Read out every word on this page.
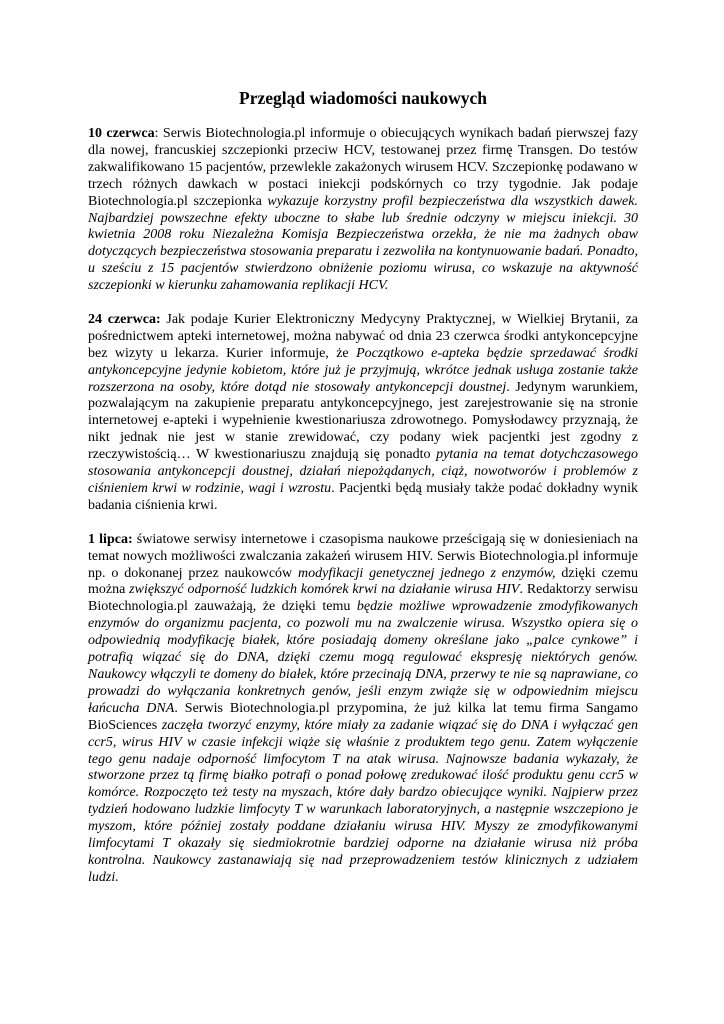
Przegląd wiadomości naukowych

10 czerwca: Serwis Biotechnologia.pl informuje o obiecujących wynikach badań pierwszej fazy dla nowej, francuskiej szczepionki przeciw HCV, testowanej przez firmę Transgen. Do testów zakwalifikowano 15 pacjentów, przewlekle zakażonych wirusem HCV. Szczepionkę podawano w trzech różnych dawkach w postaci iniekcji podskórnych co trzy tygodnie. Jak podaje Biotechnologia.pl szczepionka wykazuje korzystny profil bezpieczeństwa dla wszystkich dawek. Najbardziej powszechne efekty uboczne to słabe lub średnie odczyny w miejscu iniekcji. 30 kwietnia 2008 roku Niezależna Komisja Bezpieczeństwa orzekła, że nie ma żadnych obaw dotyczących bezpieczeństwa stosowania preparatu i zezwoliła na kontynuowanie badań. Ponadto, u sześciu z 15 pacjentów stwierdzono obniżenie poziomu wirusa, co wskazuje na aktywność szczepionki w kierunku zahamowania replikacji HCV.

24 czerwca: Jak podaje Kurier Elektroniczny Medycyny Praktycznej, w Wielkiej Brytanii, za pośrednictwem apteki internetowej, można nabywać od dnia 23 czerwca środki antykoncepcyjne bez wizyty u lekarza. Kurier informuje, że Początkowo e-apteka będzie sprzedawać środki antykoncepcyjne jedynie kobietom, które już je przyjmują, wkrótce jednak usługa zostanie także rozszerzona na osoby, które dotąd nie stosowały antykoncepcji doustnej. Jedynym warunkiem, pozwalającym na zakupienie preparatu antykoncepcyjnego, jest zarejestrowanie się na stronie internetowej e-apteki i wypełnienie kwestionariusza zdrowotnego. Pomysłodawcy przyznają, że nikt jednak nie jest w stanie zrewidować, czy podany wiek pacjentki jest zgodny z rzeczywistością… W kwestionariuszu znajdują się ponadto pytania na temat dotychczasowego stosowania antykoncepcji doustnej, działań niepożądanych, ciąż, nowotworów i problemów z ciśnieniem krwi w rodzinie, wagi i wzrostu. Pacjentki będą musiały także podać dokładny wynik badania ciśnienia krwi.

1 lipca: światowe serwisy internetowe i czasopisma naukowe prześcigają się w doniesieniach na temat nowych możliwości zwalczania zakażeń wirusem HIV. Serwis Biotechnologia.pl informuje np. o dokonanej przez naukowców modyfikacji genetycznej jednego z enzymów, dzięki czemu można zwiększyć odporność ludzkich komórek krwi na działanie wirusa HIV. Redaktorzy serwisu Biotechnologia.pl zauważają, że dzięki temu będzie możliwe wprowadzenie zmodyfikowanych enzymów do organizmu pacjenta, co pozwoli mu na zwalczenie wirusa. Wszystko opiera się o odpowiednią modyfikację białek, które posiadają domeny określane jako „palce cynkowe” i potrafią wiązać się do DNA, dzięki czemu mogą regulować ekspresję niektórych genów. Naukowcy włączyli te domeny do białek, które przecinają DNA, przerwy te nie są naprawiane, co prowadzi do wyłączania konkretnych genów, jeśli enzym zwiąże się w odpowiednim miejscu łańcucha DNA. Serwis Biotechnologia.pl przypomina, że już kilka lat temu firma Sangamo BioSciences zaczęła tworzyć enzymy, które miały za zadanie wiązać się do DNA i wyłączać gen ccr5, wirus HIV w czasie infekcji wiąże się właśnie z produktem tego genu. Zatem wyłączenie tego genu nadaje odporność limfocytom T na atak wirusa. Najnowsze badania wykazały, że stworzone przez tą firmę białko potrafi o ponad połowę zredukować ilość produktu genu ccr5 w komórce. Rozpoczęto też testy na myszach, które dały bardzo obiecujące wyniki. Najpierw przez tydzień hodowano ludzkie limfocyty T w warunkach laboratoryjnych, a następnie wszczepiono je myszom, które później zostały poddane działaniu wirusa HIV. Myszy ze zmodyfikowanymi limfocytami T okazały się siedmiokrotnie bardziej odporne na działanie wirusa niż próba kontrolna. Naukowcy zastanawiają się nad przeprowadzeniem testów klinicznych z udziałem ludzi.
